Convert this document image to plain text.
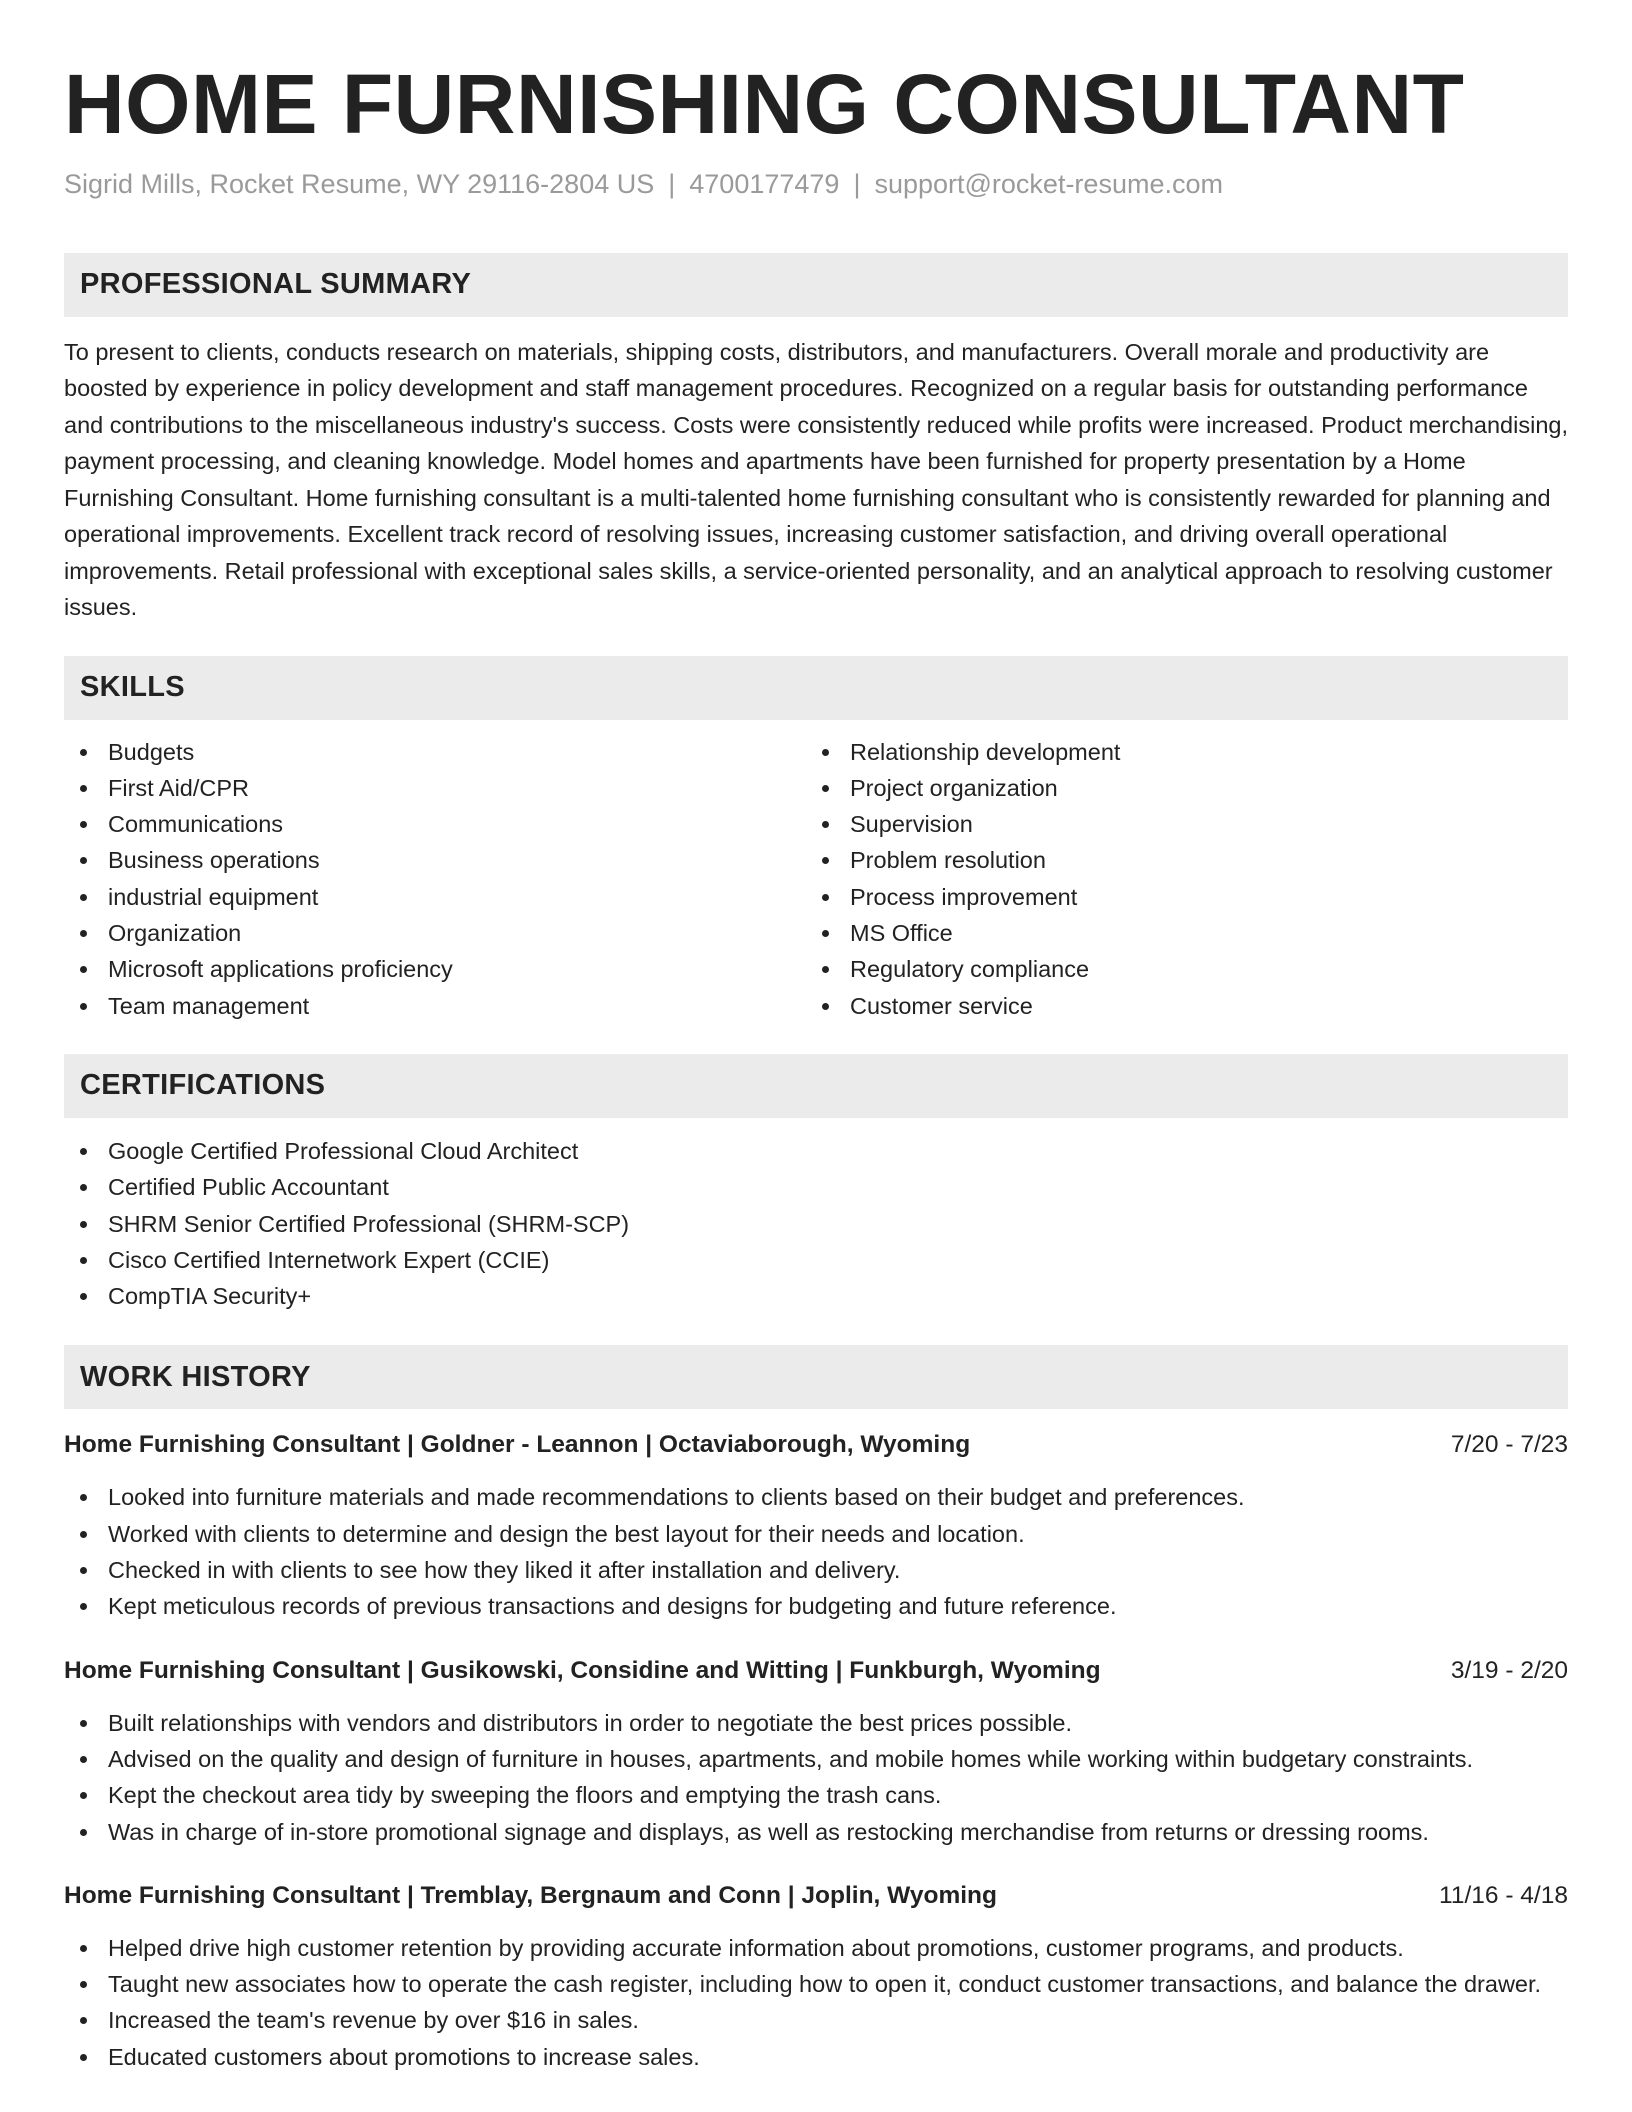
HOME FURNISHING CONSULTANT
Sigrid Mills, Rocket Resume, WY 29116-2804 US | 4700177479 | support@rocket-resume.com
PROFESSIONAL SUMMARY

To present to clients, conducts research on materials, shipping costs, distributors, and manufacturers. Overall morale and productivity are boosted by experience in policy development and staff management procedures. Recognized on a regular basis for outstanding performance and contributions to the miscellaneous industry's success. Costs were consistently reduced while profits were increased. Product merchandising, payment processing, and cleaning knowledge. Model homes and apartments have been furnished for property presentation by a Home Furnishing Consultant. Home furnishing consultant is a multi-talented home furnishing consultant who is consistently rewarded for planning and operational improvements. Excellent track record of resolving issues, increasing customer satisfaction, and driving overall operational improvements. Retail professional with exceptional sales skills, a service-oriented personality, and an analytical approach to resolving customer issues.

SKILLS
Budgets
First Aid/CPR
Communications
Business operations
industrial equipment
Organization
Microsoft applications proficiency
Team management
Relationship development
Project organization
Supervision
Problem resolution
Process improvement
MS Office
Regulatory compliance
Customer service
CERTIFICATIONS
Google Certified Professional Cloud Architect
Certified Public Accountant
SHRM Senior Certified Professional (SHRM-SCP)
Cisco Certified Internetwork Expert (CCIE)
CompTIA Security+
WORK HISTORY
Home Furnishing Consultant | Goldner - Leannon | Octaviaborough, Wyoming	7/20 - 7/23
Looked into furniture materials and made recommendations to clients based on their budget and preferences.
Worked with clients to determine and design the best layout for their needs and location.
Checked in with clients to see how they liked it after installation and delivery.
Kept meticulous records of previous transactions and designs for budgeting and future reference.
Home Furnishing Consultant | Gusikowski, Considine and Witting | Funkburgh, Wyoming	3/19 - 2/20
Built relationships with vendors and distributors in order to negotiate the best prices possible.
Advised on the quality and design of furniture in houses, apartments, and mobile homes while working within budgetary constraints.
Kept the checkout area tidy by sweeping the floors and emptying the trash cans.
Was in charge of in-store promotional signage and displays, as well as restocking merchandise from returns or dressing rooms.
Home Furnishing Consultant | Tremblay, Bergnaum and Conn | Joplin, Wyoming	11/16 - 4/18
Helped drive high customer retention by providing accurate information about promotions, customer programs, and products.
Taught new associates how to operate the cash register, including how to open it, conduct customer transactions, and balance the drawer.
Increased the team's revenue by over $16 in sales.
Educated customers about promotions to increase sales.
